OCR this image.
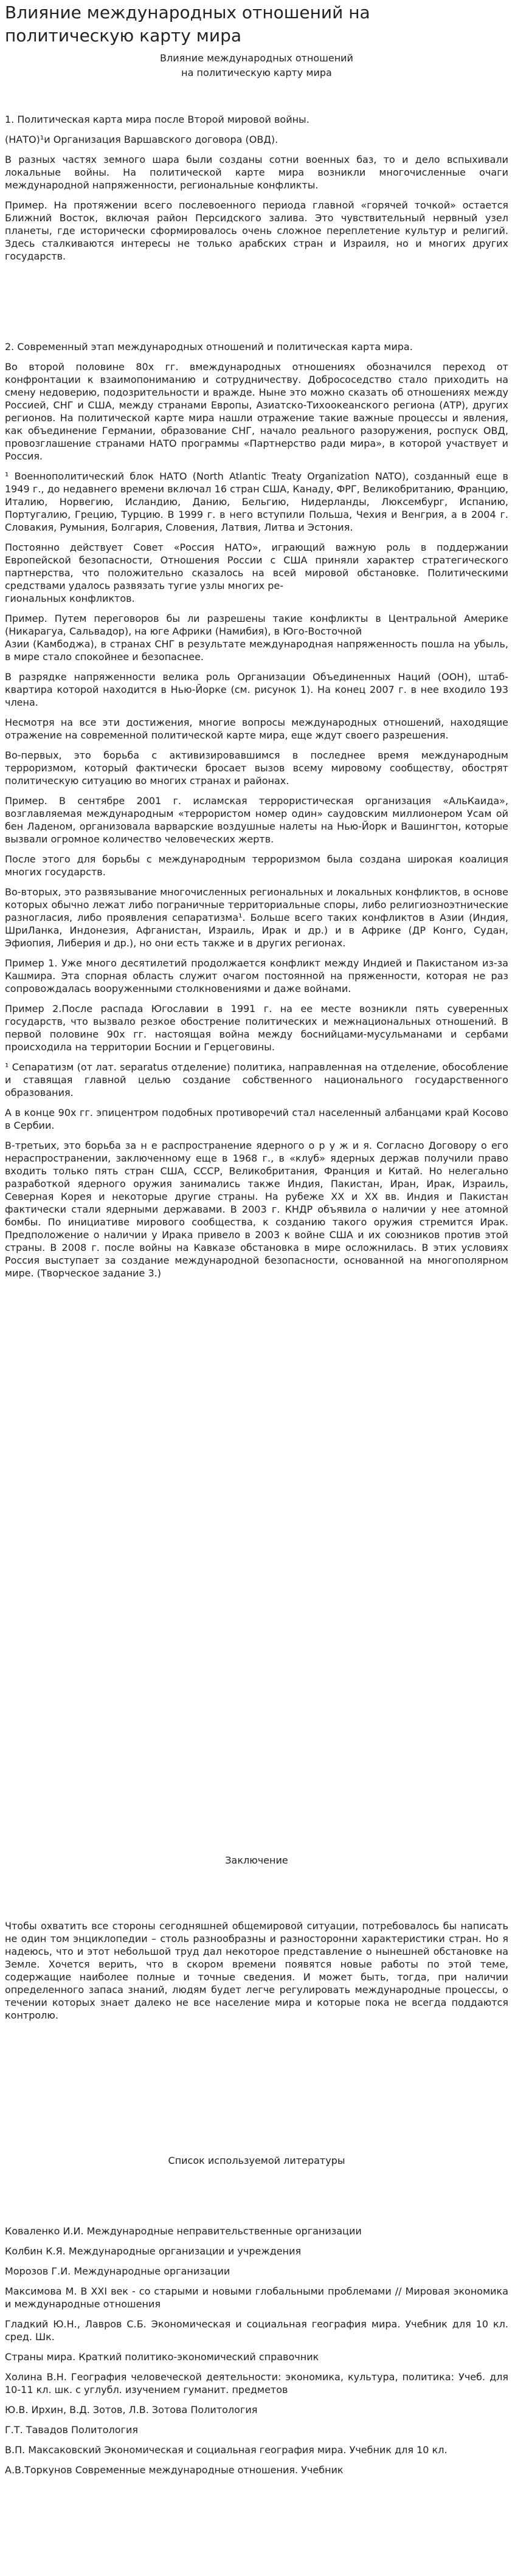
Влияние международных отношений на политическую карту мира

Влияние международных отношений

на политическую карту мира

1. Политическая карта мира после Второй мировой войны.

(НАТО)¹и Организация Варшавского договора (ОВД).

В разных частях земного шара были созданы сотни военных баз, то и дело вспыхивали локальные войны. На политической карте мира возникли многочисленные очаги международной напряженности, региональные конфликты.

Пример. На протяжении всего послевоенного периода главной «горячей точкой» остается Ближний Восток, включая район Персидского залива. Это чувствительный нервный узел планеты, где исторически сформировалось очень сложное переплетение культур и религий. Здесь сталкиваются интересы не только арабских стран и Израиля, но и многих других государств.

2. Современный этап международных отношений и политическая карта мира.

Во второй половине 80х гг. вмеждународных отношениях обозначился переход от конфронтации к взаимопониманию и сотрудничеству. Добрососедство стало приходить на смену недоверию, подозрительности и вражде. Ныне это можно сказать об отношениях между Россией, СНГ и США, между странами Европы, Азиатско-Тихоокеанского региона (АТР), других регионов. На политической карте мира нашли отражение такие важные процессы и явления, как объединение Германии, образование СНГ, начало реального разоружения, роспуск ОВД, провозглашение странами НАТО программы «Партнерство ради мира», в которой участвует и Россия.

¹ Военнополитический блок НАТО (North Atlantic Treaty Organization NATO), созданный еще в 1949 г., до недавнего времени включал 16 стран США, Канаду, ФРГ, Великобританию, Францию, Италию, Норвегию, Исландию, Данию, Бельгию, Нидерланды, Люксембург, Испанию, Португалию, Грецию, Турцию. В 1999 г. в него вступили Польша, Чехия и Венгрия, а в 2004 г. Словакия, Румыния, Болгария, Словения, Латвия, Литва и Эстония.

Постоянно действует Совет «Россия НАТО», играющий важную роль в поддержании Европейской безопасности, Отношения России с США приняли характер стратегического партнерства, что положительно сказалось на всей мировой обстановке. Политическими средствами удалось развязать тугие узлы многих ре-

гиональных конфликтов.

Пример. Путем переговоров бы ли разрешены такие конфликты в Центральной Америке (Никарагуа, Сальвадор), на юге Африки (Намибия), в Юго-Восточной

Азии (Камбоджа), в странах СНГ в результате международная напряженность пошла на убыль, в мире стало спокойнее и безопаснее.

В разрядке напряженности велика роль Организации Объединенных Наций (ООН), штаб- квартира которой находится в Нью-Йорке (см. рисунок 1). На конец 2007 г. в нее входило 193 члена.

Несмотря на все эти достижения, многие вопросы международных отношений, находящие отражение на современной политической карте мира, еще ждут своего разрешения.

Во-первых, это борьба с активизировавшимся в последнее время международным терроризмом, который фактически бросает вызов всему мировому сообществу, обострят политическую ситуацию во многих странах и районах.

Пример. В сентябре 2001 г. исламская террористическая организация «АльКаида», возглавляемая международным «террористом номер один» саудовским миллионером Усам ой бен Ладеном, организовала варварские воздушные налеты на Нью-Йорк и Вашингтон, которые вызвали огромное количество человеческих жертв.

После этого для борьбы с международным терроризмом была создана широкая коалиция многих государств.

Во-вторых, это развязывание многочисленных региональных и локальных конфликтов, в основе которых обычно лежат либо пограничные территориальные споры, либо религиозноэтнические разногласия, либо проявления сепаратизма¹. Больше всего таких конфликтов в Азии (Индия, ШриЛанка, Индонезия, Афганистан, Израиль, Ирак и др.) и в Африке (ДР Конго, Судан, Эфиопия, Либерия и др.), но они есть также и в других регионах.

Пример 1. Уже много десятилетий продолжается конфликт между Индией и Пакистаном из-за Кашмира. Эта спорная область служит очагом постоянной на пряженности, которая не раз сопровождалась вооруженными столкновениями и даже войнами.

Пример 2.После распада Югославии в 1991 г. на ее месте возникли пять суверенных государств, что вызвало резкое обострение политических и межнациональных отношений. В первой половине 90х гг. настоящая война между боснийцами-мусульманами и сербами происходила на территории Боснии и Герцеговины.

¹ Сепаратизм (от лат. separatus отделение) политика, направленная на отделение, обособление и ставящая главной целью создание собственного национального государственного образования.

А в конце 90х гг. эпицентром подобных противоречий стал населенный албанцами край Косово в Сербии.

В-третьих, это борьба за н е распространение ядерного о р у ж и я. Согласно Договору о его нераспространении, заключенному еще в 1968 г., в «клуб» ядерных держав получили право входить только пять стран США, СССР, Великобритания, Франция и Китай. Но нелегально разработкой ядерного оружия занимались также Индия, Пакистан, Иран, Ирак, Израиль, Северная Корея и некоторые другие страны. На рубеже XX и XX вв. Индия и Пакистан фактически стали ядерными державами. В 2003 г. КНДР объявила о наличии у нее атомной бомбы. По инициативе мирового сообщества, к созданию такого оружия стремится Ирак. Предположение о наличии у Ирака привело в 2003 к войне США и их союзников против этой страны. В 2008 г. после войны на Кавказе обстановка в мире осложнилась. В этих условиях Россия выступает за создание международной безопасности, основанной на многополярном мире. (Творческое задание 3.)

Заключение

Чтобы охватить все стороны сегодняшней общемировой ситуации, потребовалось бы написать не один том энциклопедии – столь разнообразны и разносторонни характеристики стран. Но я надеюсь, что и этот небольшой труд дал некоторое представление о нынешней обстановке на Земле. Хочется верить, что в скором времени появятся новые работы по этой теме, содержащие наиболее полные и точные сведения. И может быть, тогда, при наличии определенного запаса знаний, людям будет легче регулировать международные процессы, о течении которых знает далеко не все население мира и которые пока не всегда поддаются контролю.

Список используемой литературы

Коваленко И.И. Международные неправительственные организации

Колбин К.Я. Международные организации и учреждения

Морозов Г.И. Международные организации

Максимова М. В XXI век - со старыми и новыми глобальными проблемами // Мировая экономика и международные отношения

Гладкий Ю.Н., Лавров С.Б. Экономическая и социальная география мира. Учебник для 10 кл. сред. Шк.

Страны мира. Краткий политико-экономический справочник

Холина В.Н. География человеческой деятельности: экономика, культура, политика: Учеб. для 10-11 кл. шк. с углубл. изучением гуманит. предметов

Ю.В. Ирхин, В.Д. Зотов, Л.В. Зотова Политология

Г.Т. Тавадов Политология

В.П. Максаковский Экономическая и социальная география мира. Учебник для 10 кл.

А.В.Торкунов Современные международные отношения. Учебник
